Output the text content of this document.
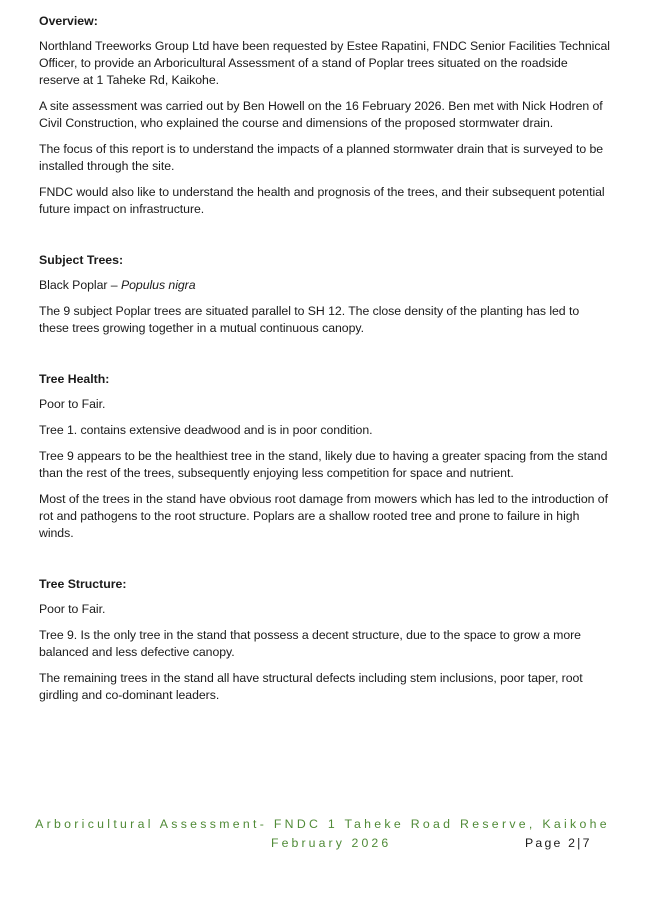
Overview:

Northland Treeworks Group Ltd have been requested by Estee Rapatini, FNDC Senior Facilities Technical Officer, to provide an Arboricultural Assessment of a stand of Poplar trees situated on the roadside reserve at 1 Taheke Rd, Kaikohe.

A site assessment was carried out by Ben Howell on the 16 February 2026. Ben met with Nick Hodren of Civil Construction, who explained the course and dimensions of the proposed stormwater drain.

The focus of this report is to understand the impacts of a planned stormwater drain that is surveyed to be installed through the site.

FNDC would also like to understand the health and prognosis of the trees, and their subsequent potential future impact on infrastructure.

Subject Trees:

Black Poplar – Populus nigra

The 9 subject Poplar trees are situated parallel to SH 12. The close density of the planting has led to these trees growing together in a mutual continuous canopy.

Tree Health:

Poor to Fair.

Tree 1. contains extensive deadwood and is in poor condition.

Tree 9 appears to be the healthiest tree in the stand, likely due to having a greater spacing from the stand than the rest of the trees, subsequently enjoying less competition for space and nutrient.

Most of the trees in the stand have obvious root damage from mowers which has led to the introduction of rot and pathogens to the root structure. Poplars are a shallow rooted tree and prone to failure in high winds.

Tree Structure:

Poor to Fair.

Tree 9. Is the only tree in the stand that possess a decent structure, due to the space to grow a more balanced and less defective canopy.

The remaining trees in the stand all have structural defects including stem inclusions, poor taper, root girdling and co-dominant leaders.

Arboricultural Assessment- FNDC 1 Taheke Road Reserve, Kaikohe
February 2026	Page 2|7
